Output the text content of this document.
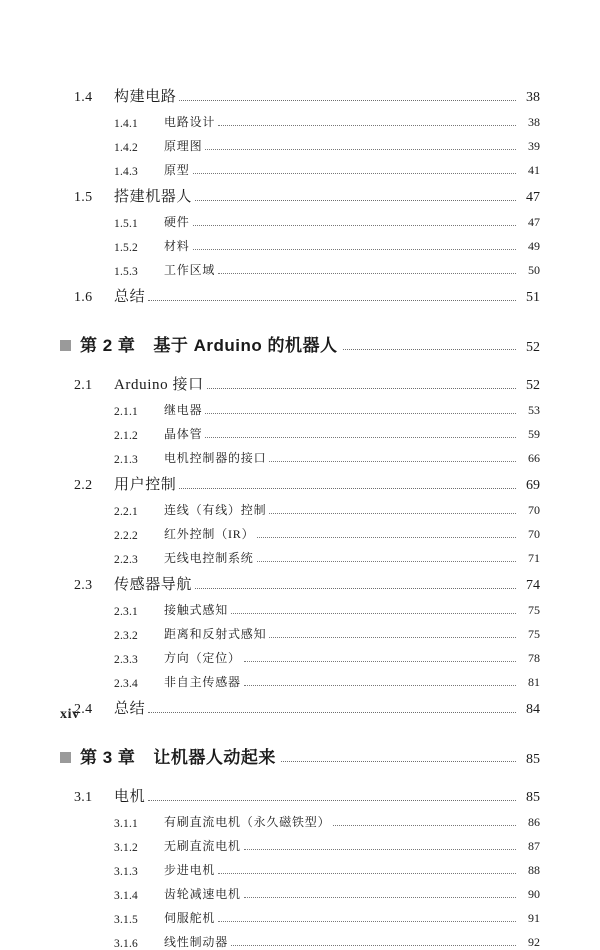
1.4	构建电路	38
1.4.1	电路设计	38
1.4.2	原理图	39
1.4.3	原型	41
1.5	搭建机器人	47
1.5.1	硬件	47
1.5.2	材料	49
1.5.3	工作区域	50
1.6	总结	51
第 2 章 基于 Arduino 的机器人	52
2.1	Arduino 接口	52
2.1.1	继电器	53
2.1.2	晶体管	59
2.1.3	电机控制器的接口	66
2.2	用户控制	69
2.2.1	连线（有线）控制	70
2.2.2	红外控制（IR）	70
2.2.3	无线电控制系统	71
2.3	传感器导航	74
2.3.1	接触式感知	75
2.3.2	距离和反射式感知	75
2.3.3	方向（定位）	78
2.3.4	非自主传感器	81
2.4	总结	84
第 3 章 让机器人动起来	85
3.1	电机	85
3.1.1	有刷直流电机（永久磁铁型）	86
3.1.2	无刷直流电机	87
3.1.3	步进电机	88
3.1.4	齿轮减速电机	90
3.1.5	伺服舵机	91
3.1.6	线性制动器	92
xiv
